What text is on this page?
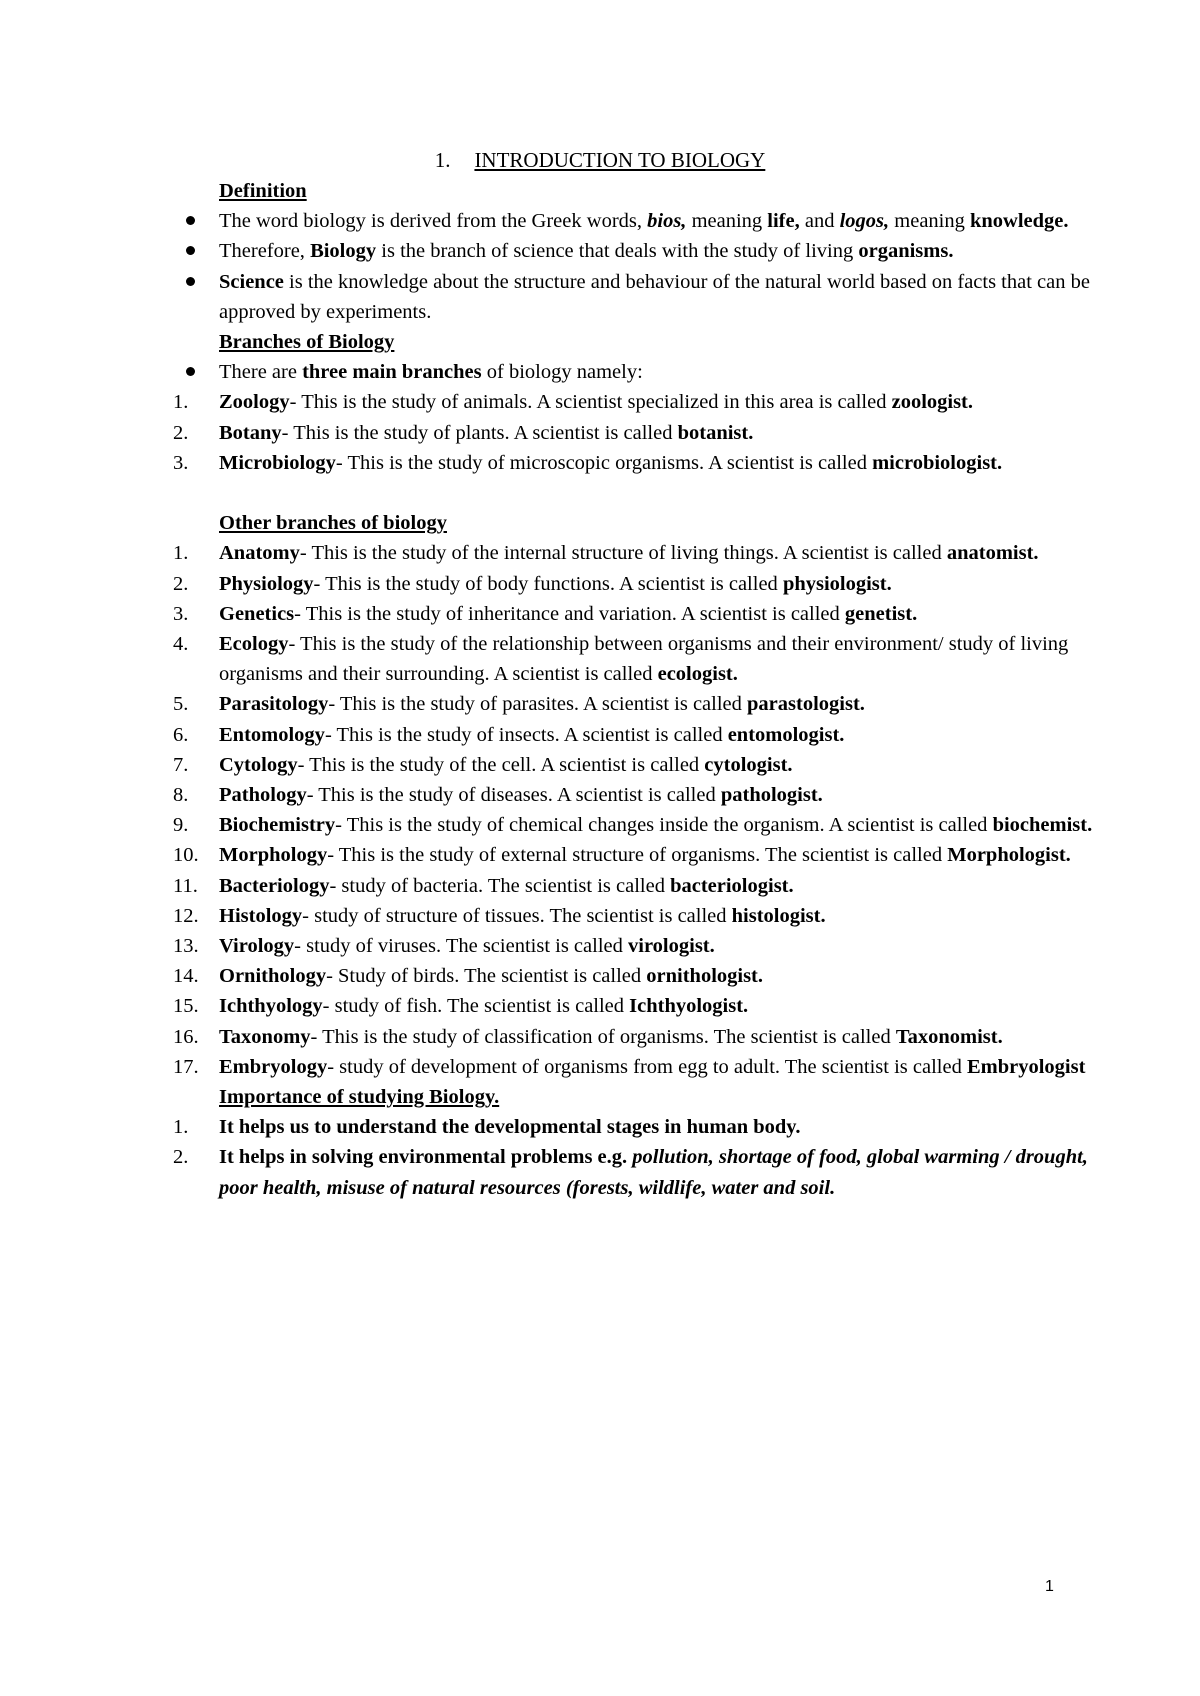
1. INTRODUCTION TO BIOLOGY
Definition
The word biology is derived from the Greek words, bios, meaning life, and logos, meaning knowledge.
Therefore, Biology is the branch of science that deals with the study of living organisms.
Science is the knowledge about the structure and behaviour of the natural world based on facts that can be approved by experiments.
Branches of Biology
There are three main branches of biology namely:
1.	Zoology- This is the study of animals. A scientist specialized in this area is called zoologist.
2.	Botany- This is the study of plants. A scientist is called botanist.
3.	Microbiology- This is the study of microscopic organisms. A scientist is called microbiologist.
Other branches of biology
1.	Anatomy- This is the study of the internal structure of living things. A scientist is called anatomist.
2.	Physiology- This is the study of body functions. A scientist is called physiologist.
3.	Genetics- This is the study of inheritance and variation. A scientist is called genetist.
4.	Ecology- This is the study of the relationship between organisms and their environment/ study of living organisms and their surrounding. A scientist is called ecologist.
5.	Parasitology- This is the study of parasites. A scientist is called parastologist.
6.	Entomology- This is the study of insects. A scientist is called entomologist.
7.	Cytology- This is the study of the cell. A scientist is called cytologist.
8.	Pathology- This is the study of diseases. A scientist is called pathologist.
9.	Biochemistry- This is the study of chemical changes inside the organism. A scientist is called biochemist.
10. Morphology- This is the study of external structure of organisms. The scientist is called Morphologist.
11.	Bacteriology- study of bacteria. The scientist is called bacteriologist.
12. Histology- study of structure of tissues. The scientist is called histologist.
13. Virology- study of viruses. The scientist is called virologist.
14. Ornithology- Study of birds. The scientist is called ornithologist.
15. Ichthyology- study of fish. The scientist is called Ichthyologist.
16. Taxonomy- This is the study of classification of organisms. The scientist is called Taxonomist.
17. Embryology- study of development of organisms from egg to adult. The scientist is called Embryologist
Importance of studying Biology.
1.	It helps us to understand the developmental stages in human body.
2.	It helps in solving environmental problems e.g. pollution, shortage of food, global warming / drought, poor health, misuse of natural resources (forests, wildlife, water and soil.
1
